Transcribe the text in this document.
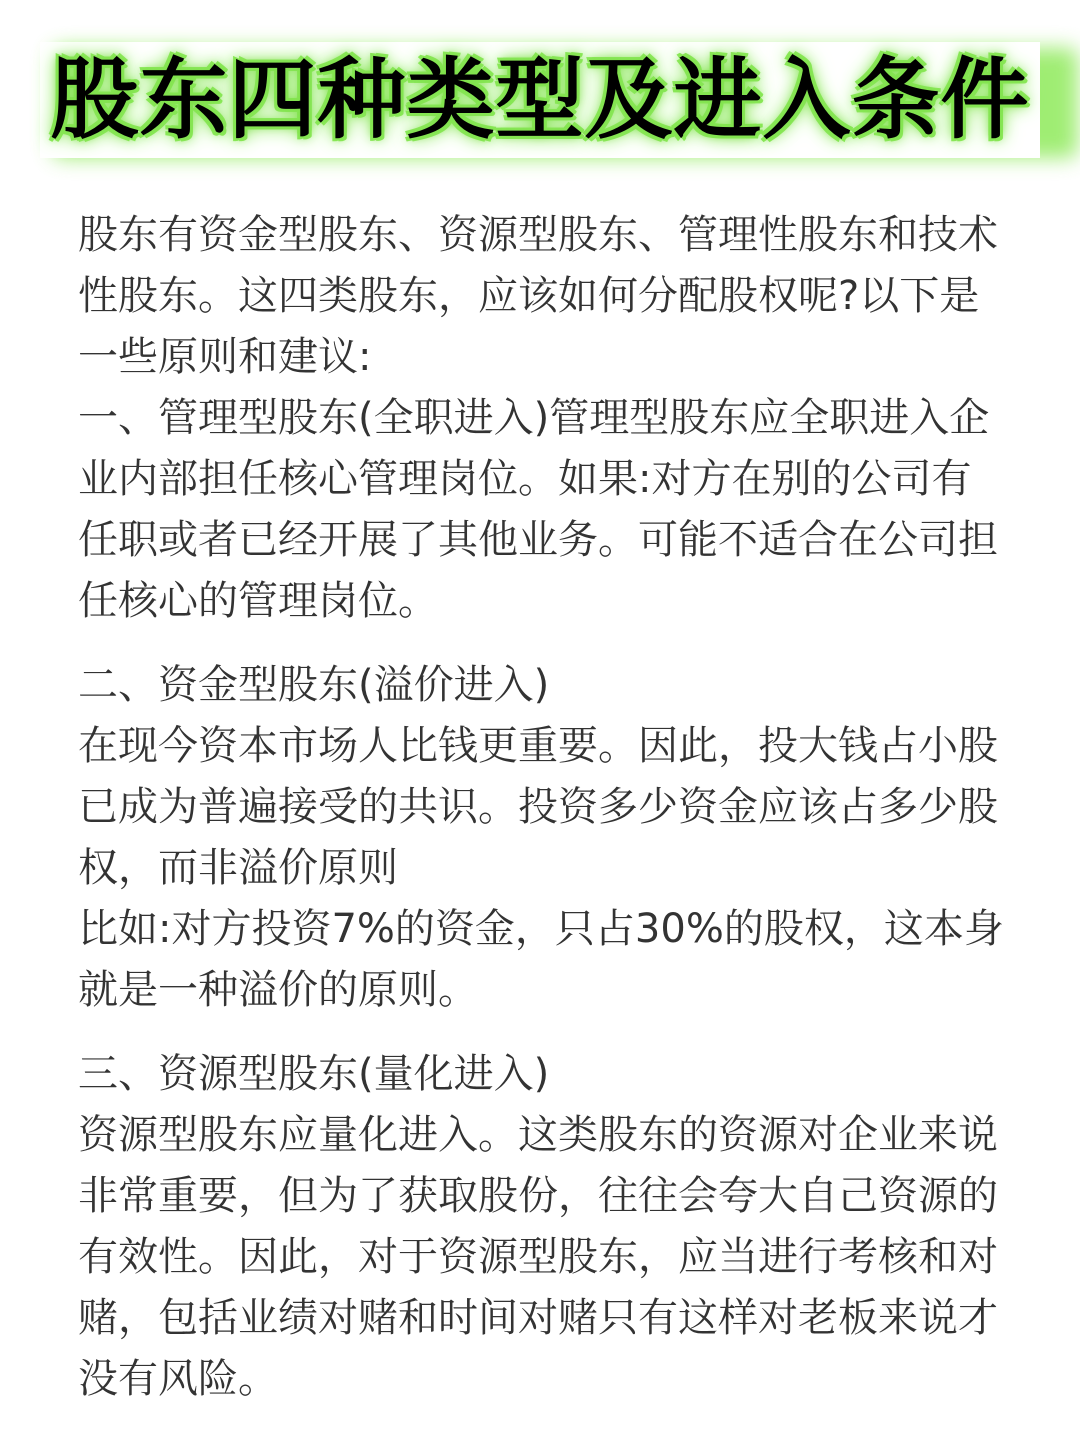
股东四种类型及进入条件

股东有资金型股东、资源型股东、管理性股东和技术性股东。这四类股东，应该如何分配股权呢?以下是一些原则和建议:

一、管理型股东(全职进入)管理型股东应全职进入企业内部担任核心管理岗位。如果:对方在别的公司有任职或者已经开展了其他业务。可能不适合在公司担任核心的管理岗位。

二、资金型股东(溢价进入)

在现今资本市场人比钱更重要。因此，投大钱占小股已成为普遍接受的共识。投资多少资金应该占多少股权，而非溢价原则

比如:对方投资7%的资金，只占30%的股权，这本身就是一种溢价的原则。

三、资源型股东(量化进入)

资源型股东应量化进入。这类股东的资源对企业来说非常重要，但为了获取股份，往往会夸大自己资源的有效性。因此，对于资源型股东，应当进行考核和对赌，包括业绩对赌和时间对赌只有这样对老板来说才没有风险。
